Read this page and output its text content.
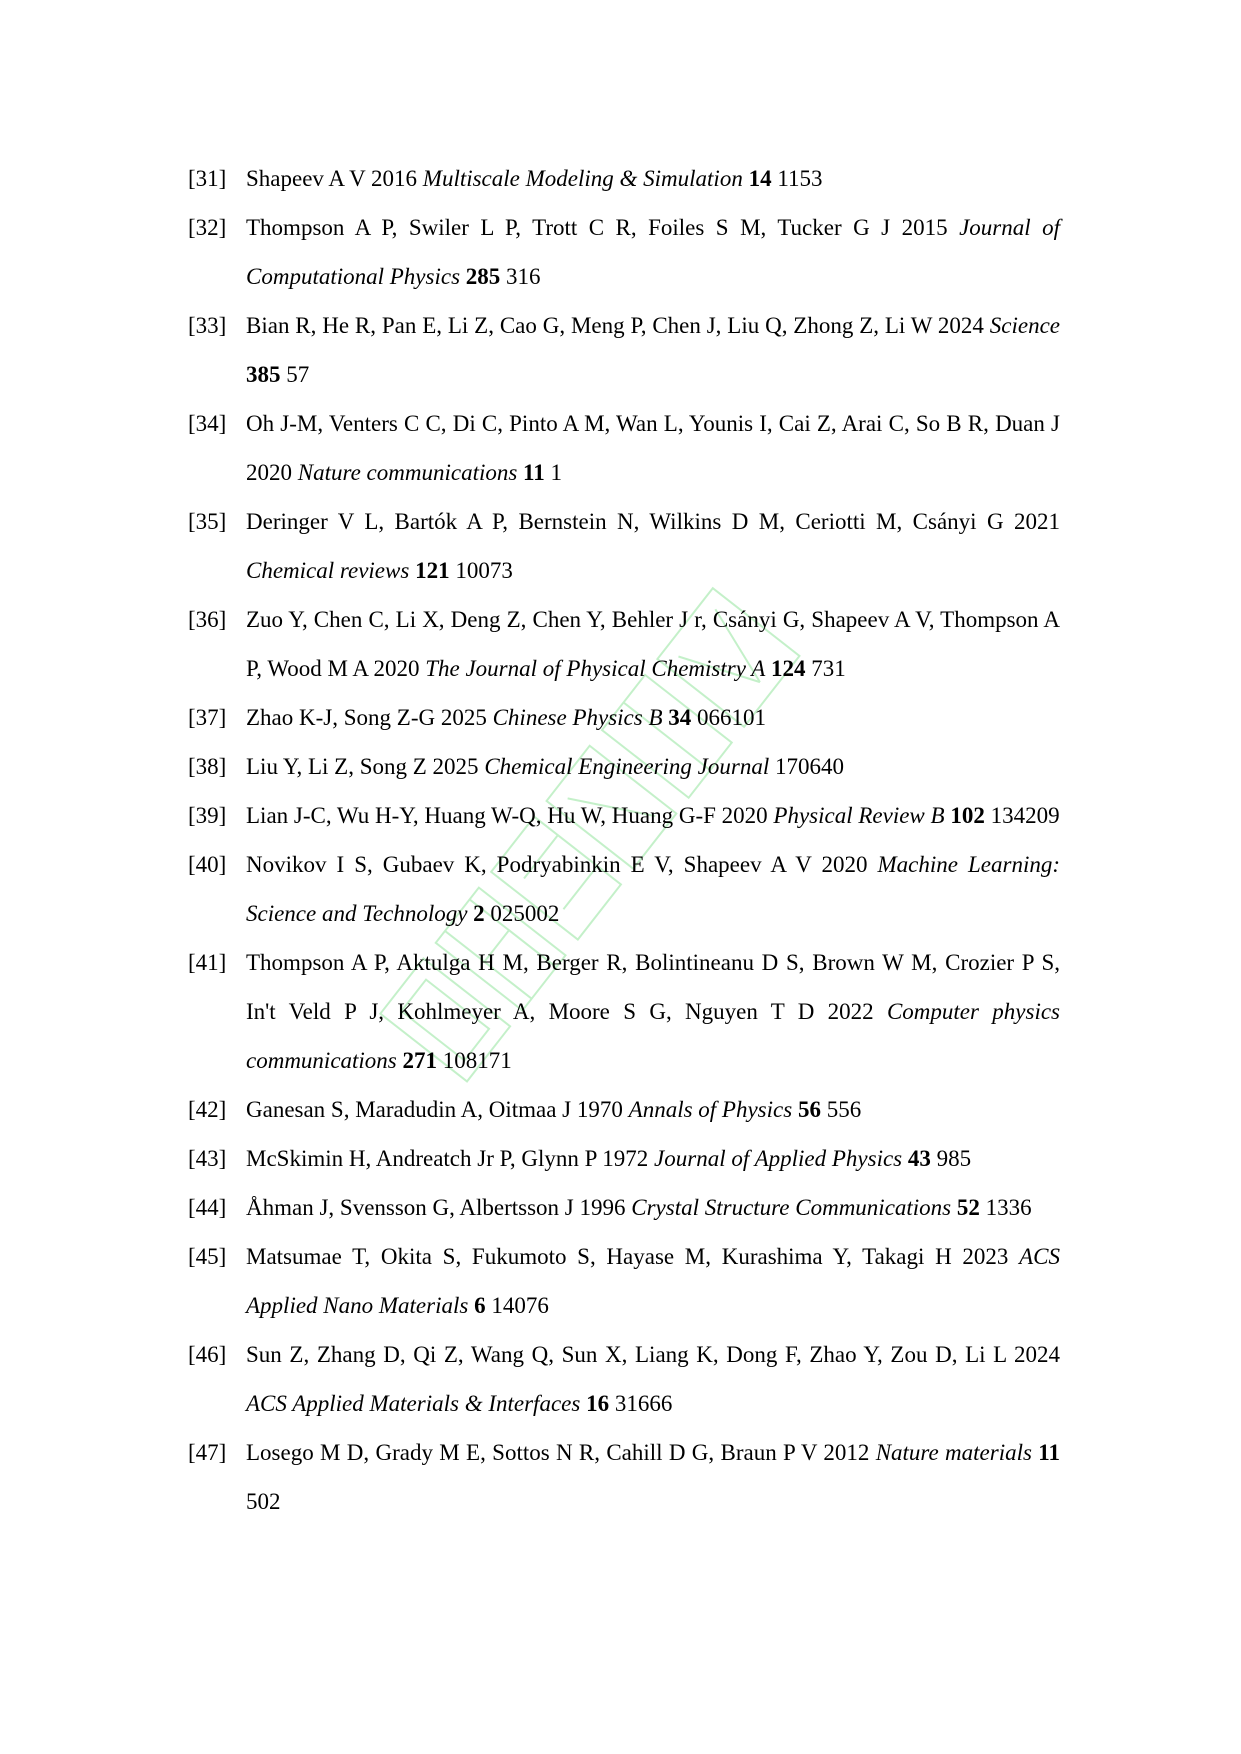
[31] Shapeev A V 2016 Multiscale Modeling & Simulation 14 1153
[32] Thompson A P, Swiler L P, Trott C R, Foiles S M, Tucker G J 2015 Journal of Computational Physics 285 316
[33] Bian R, He R, Pan E, Li Z, Cao G, Meng P, Chen J, Liu Q, Zhong Z, Li W 2024 Science 385 57
[34] Oh J-M, Venters C C, Di C, Pinto A M, Wan L, Younis I, Cai Z, Arai C, So B R, Duan J 2020 Nature communications 11 1
[35] Deringer V L, Bartók A P, Bernstein N, Wilkins D M, Ceriotti M, Csányi G 2021 Chemical reviews 121 10073
[36] Zuo Y, Chen C, Li X, Deng Z, Chen Y, Behler J r, Csányi G, Shapeev A V, Thompson A P, Wood M A 2020 The Journal of Physical Chemistry A 124 731
[37] Zhao K-J, Song Z-G 2025 Chinese Physics B 34 066101
[38] Liu Y, Li Z, Song Z 2025 Chemical Engineering Journal 170640
[39] Lian J-C, Wu H-Y, Huang W-Q, Hu W, Huang G-F 2020 Physical Review B 102 134209
[40] Novikov I S, Gubaev K, Podryabinkin E V, Shapeev A V 2020 Machine Learning: Science and Technology 2 025002
[41] Thompson A P, Aktulga H M, Berger R, Bolintineanu D S, Brown W M, Crozier P S, In't Veld P J, Kohlmeyer A, Moore S G, Nguyen T D 2022 Computer physics communications 271 108171
[42] Ganesan S, Maradudin A, Oitmaa J 1970 Annals of Physics 56 556
[43] McSkimin H, Andreatch Jr P, Glynn P 1972 Journal of Applied Physics 43 985
[44] Åhman J, Svensson G, Albertsson J 1996 Crystal Structure Communications 52 1336
[45] Matsumae T, Okita S, Fukumoto S, Hayase M, Kurashima Y, Takagi H 2023 ACS Applied Nano Materials 6 14076
[46] Sun Z, Zhang D, Qi Z, Wang Q, Sun X, Liang K, Dong F, Zhao Y, Zou D, Li L 2024 ACS Applied Materials & Interfaces 16 31666
[47] Losego M D, Grady M E, Sottos N R, Cahill D G, Braun P V 2012 Nature materials 11 502
